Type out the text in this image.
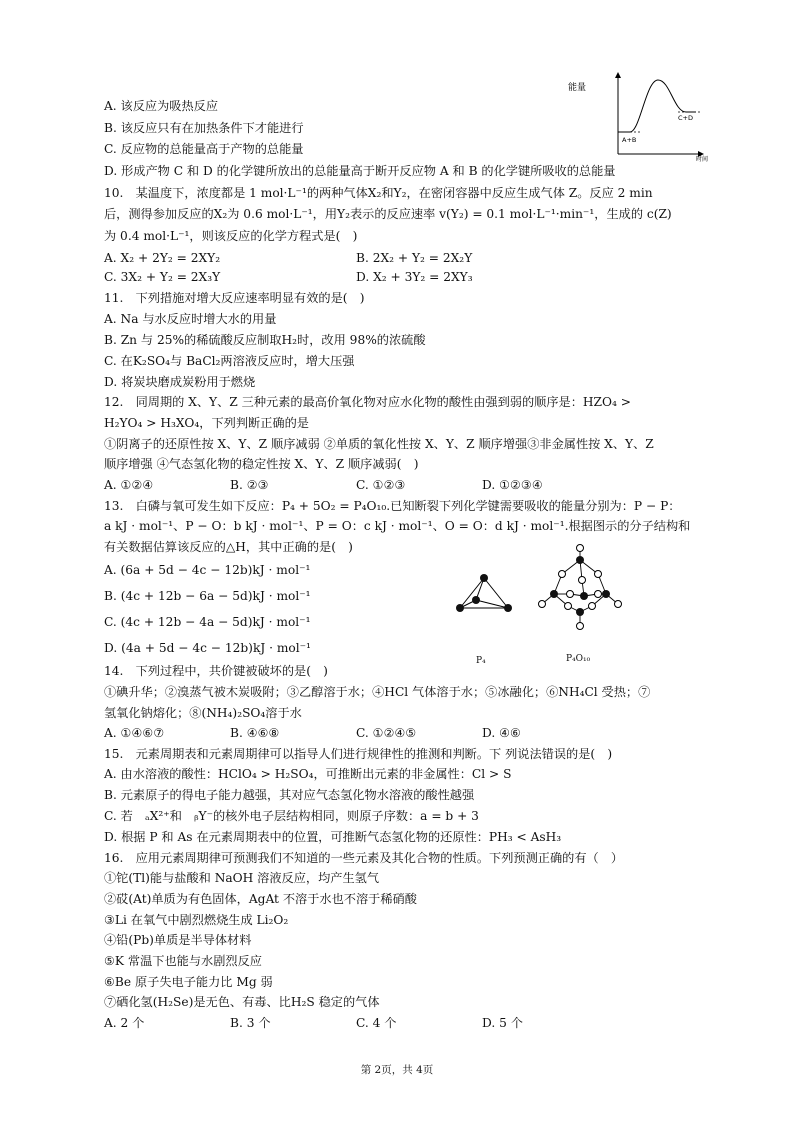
A. 该反应为吸热反应
B. 该反应只有在加热条件下才能进行
C. 反应物的总能量高于产物的总能量
D. 形成产物 C 和 D 的化学键所放出的总能量高于断开反应物 A 和 B 的化学键所吸收的总能量
能量
A+B
C+D
时间
10.　某温度下，浓度都是 1 mol·L⁻¹的两种气体X₂和Y₂，在密闭容器中反应生成气体 Z。反应 2 min
后，测得参加反应的X₂为 0.6 mol·L⁻¹，用Y₂表示的反应速率 v(Y₂) = 0.1 mol·L⁻¹·min⁻¹，生成的 c(Z)
为 0.4 mol·L⁻¹，则该反应的化学方程式是(　)
A. X₂ + 2Y₂ = 2XY₂	B. 2X₂ + Y₂ = 2X₂Y
C. 3X₂ + Y₂ = 2X₃Y	D. X₂ + 3Y₂ = 2XY₃
11.　下列措施对增大反应速率明显有效的是(　)
A. Na 与水反应时增大水的用量
B. Zn 与 25%的稀硫酸反应制取H₂时，改用 98%的浓硫酸
C. 在K₂SO₄与 BaCl₂两溶液反应时，增大压强
D. 将炭块磨成炭粉用于燃烧
12.　同周期的 X、Y、Z 三种元素的最高价氧化物对应水化物的酸性由强到弱的顺序是：HZO₄ >
H₂YO₄ > H₃XO₄，下列判断正确的是
①阴离子的还原性按 X、Y、Z 顺序减弱 ②单质的氧化性按 X、Y、Z 顺序增强③非金属性按 X、Y、Z
顺序增强 ④气态氢化物的稳定性按 X、Y、Z 顺序减弱(　)
A. ①②④	B. ②③	C. ①②③	D. ①②③④
13.　白磷与氧可发生如下反应：P₄ + 5O₂ = P₄O₁₀.已知断裂下列化学键需要吸收的能量分别为：P − P：
a kJ · mol⁻¹、P − O：b kJ · mol⁻¹、P = O：c kJ · mol⁻¹、O = O：d kJ · mol⁻¹.根据图示的分子结构和
有关数据估算该反应的△H，其中正确的是(　)
A. (6a + 5d − 4c − 12b)kJ · mol⁻¹
B. (4c + 12b − 6a − 5d)kJ · mol⁻¹
C. (4c + 12b − 4a − 5d)kJ · mol⁻¹
D. (4a + 5d − 4c − 12b)kJ · mol⁻¹
P₄	P₄O₁₀
14.　下列过程中，共价键被破坏的是(　)
①碘升华；②溴蒸气被木炭吸附；③乙醇溶于水；④HCl 气体溶于水；⑤冰融化；⑥NH₄Cl 受热；⑦
氢氧化钠熔化；⑧(NH₄)₂SO₄溶于水
A. ①④⑥⑦	B. ④⑥⑧	C. ①②④⑤	D. ④⑥
15.　元素周期表和元素周期律可以指导人们进行规律性的推测和判断。下 列说法错误的是(　)
A. 由水溶液的酸性：HClO₄ > H₂SO₄，可推断出元素的非金属性：Cl > S
B. 元素原子的得电子能力越强，其对应气态氢化物水溶液的酸性越强
C. 若　ₐX²⁺和　ᵦY⁻的核外电子层结构相同，则原子序数：a = b + 3
D. 根据 P 和 As 在元素周期表中的位置，可推断气态氢化物的还原性：PH₃ < AsH₃
16.　应用元素周期律可预测我们不知道的一些元素及其化合物的性质。下列预测正确的有（　）
①铊(Tl)能与盐酸和 NaOH 溶液反应，均产生氢气
②砹(At)单质为有色固体，AgAt 不溶于水也不溶于稀硝酸
③Li 在氧气中剧烈燃烧生成 Li₂O₂
④铅(Pb)单质是半导体材料
⑤K 常温下也能与水剧烈反应
⑥Be 原子失电子能力比 Mg 弱
⑦硒化氢(H₂Se)是无色、有毒、比H₂S 稳定的气体
A. 2 个	B. 3 个	C. 4 个	D. 5 个
第 2页，共 4页
